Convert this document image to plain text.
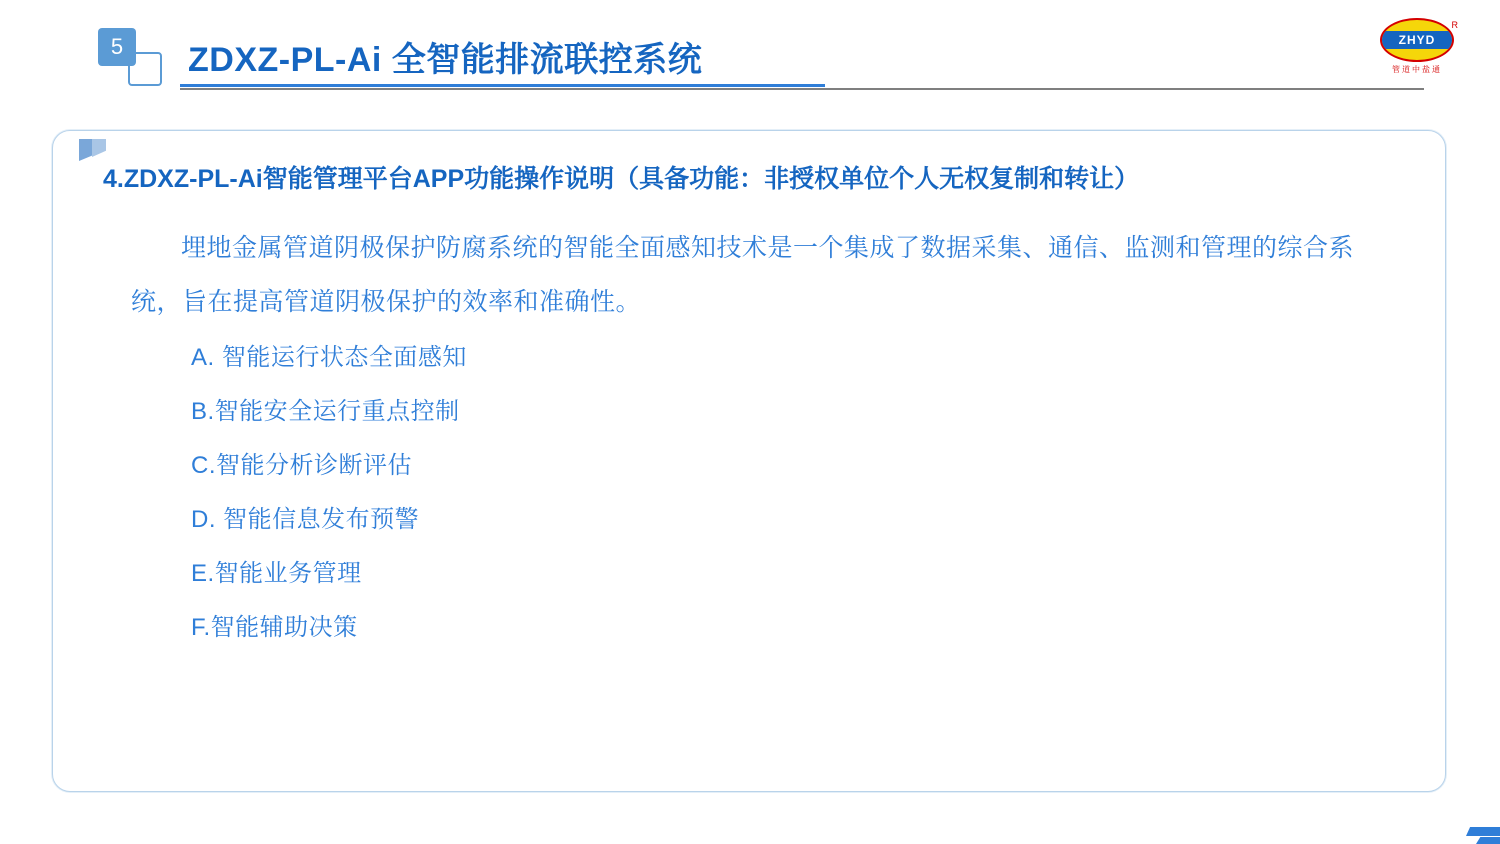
5	ZDXZ-PL-Ai 全智能排流联控系统
R
ZHYD
管道中盐通
4.ZDXZ-PL-Ai智能管理平台APP功能操作说明（具备功能：非授权单位个人无权复制和转让）
埋地金属管道阴极保护防腐系统的智能全面感知技术是一个集成了数据采集、通信、监测和管理的综合系统，旨在提高管道阴极保护的效率和准确性。
A. 智能运行状态全面感知
B.智能安全运行重点控制
C.智能分析诊断评估
D. 智能信息发布预警
E.智能业务管理
F.智能辅助决策
